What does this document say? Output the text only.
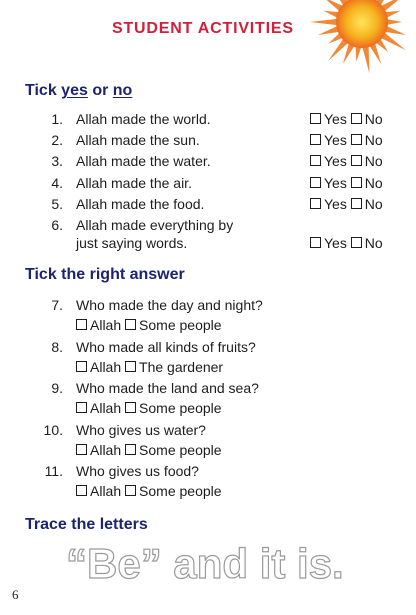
STUDENT ACTIVITIES
Tick yes or no
1. Allah made the world.	Yes No
2. Allah made the sun.	Yes No
3. Allah made the water.	Yes No
4. Allah made the air.	Yes No
5. Allah made the food.	Yes No
6. Allah made everything by
just saying words.	Yes No
Tick the right answer
7. Who made the day and night?
Allah Some people
8. Who made all kinds of fruits?
Allah The gardener
9. Who made the land and sea?
Allah Some people
10. Who gives us water?
Allah Some people
11. Who gives us food?
Allah Some people
Trace the letters
“Be” and it is.
6
